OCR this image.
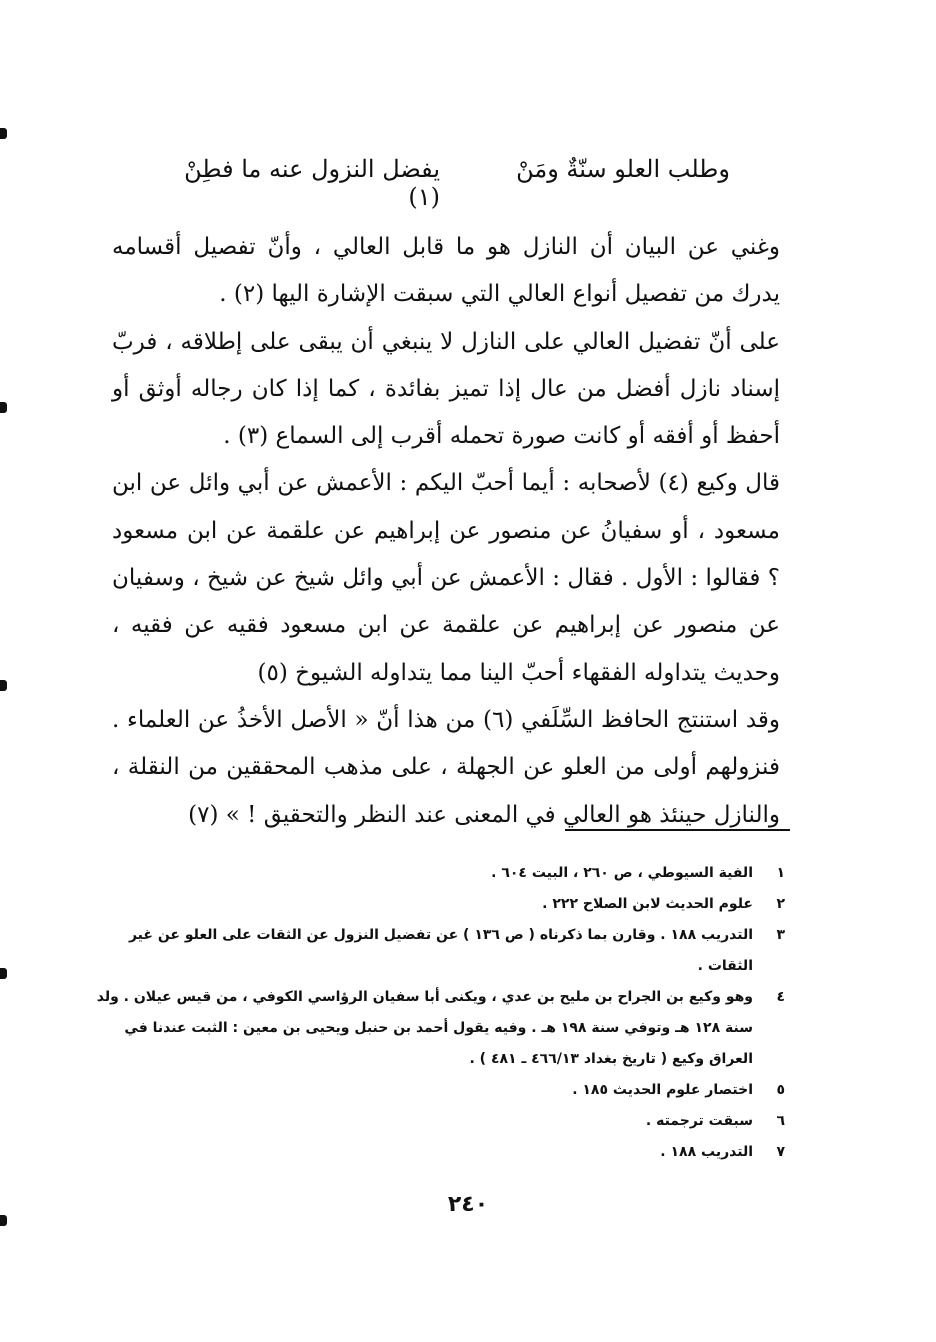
وطلب العلو سنّةٌ ومَنْ
يفضل النزول عنه ما فطِنْ (١)

وغني عن البيان أن النازل هو ما قابل العالي ، وأنّ تفصيل أقسامه يدرك من تفصيل أنواع العالي التي سبقت الإشارة اليها (٢) .

على أنّ تفضيل العالي على النازل لا ينبغي أن يبقى على إطلاقه ، فربّ إسناد نازل أفضل من عال إذا تميز بفائدة ، كما إذا كان رجاله أوثق أو أحفظ أو أفقه أو كانت صورة تحمله أقرب إلى السماع (٣) .

قال وكيع (٤) لأصحابه : أيما أحبّ اليكم : الأعمش عن أبي وائل عن ابن مسعود ، أو سفيانُ عن منصور عن إبراهيم عن علقمة عن ابن مسعود ؟ فقالوا : الأول . فقال : الأعمش عن أبي وائل شيخ عن شيخ ، وسفيان عن منصور عن إبراهيم عن علقمة عن ابن مسعود فقيه عن فقيه ، وحديث يتداوله الفقهاء أحبّ الينا مما يتداوله الشيوخ (٥)

وقد استنتج الحافظ السِّلَفي (٦) من هذا أنّ « الأصل الأخذُ عن العلماء . فنزولهم أولى من العلو عن الجهلة ، على مذهب المحققين من النقلة ، والنازل حينئذ هو العالي في المعنى عند النظر والتحقيق ! » (٧)

١
الفية السيوطي ، ص ٢٦٠ ، البيت ٦٠٤ .
٢
علوم الحديث لابن الصلاح ٢٢٢ .
٣
التدريب ١٨٨ . وقارن بما ذكرناه ( ص ١٣٦ ) عن تفضيل النزول عن الثقات على العلو عن غير الثقات .
٤
وهو وكيع بن الجراح بن مليح بن عدي ، ويكنى أبا سفيان الرؤاسي الكوفي ، من قيس عيلان . ولد سنة ١٢٨ هـ وتوفي سنة ١٩٨ هـ . وفيه يقول أحمد بن حنبل ويحيى بن معين : الثبت عندنا في العراق وكيع ( تاريخ بغداد ٤٦٦/١٣ ـ ٤٨١ ) .
٥
اختصار علوم الحديث ١٨٥ .
٦
سبقت ترجمته .
٧
التدريب ١٨٨ .
٢٤٠
